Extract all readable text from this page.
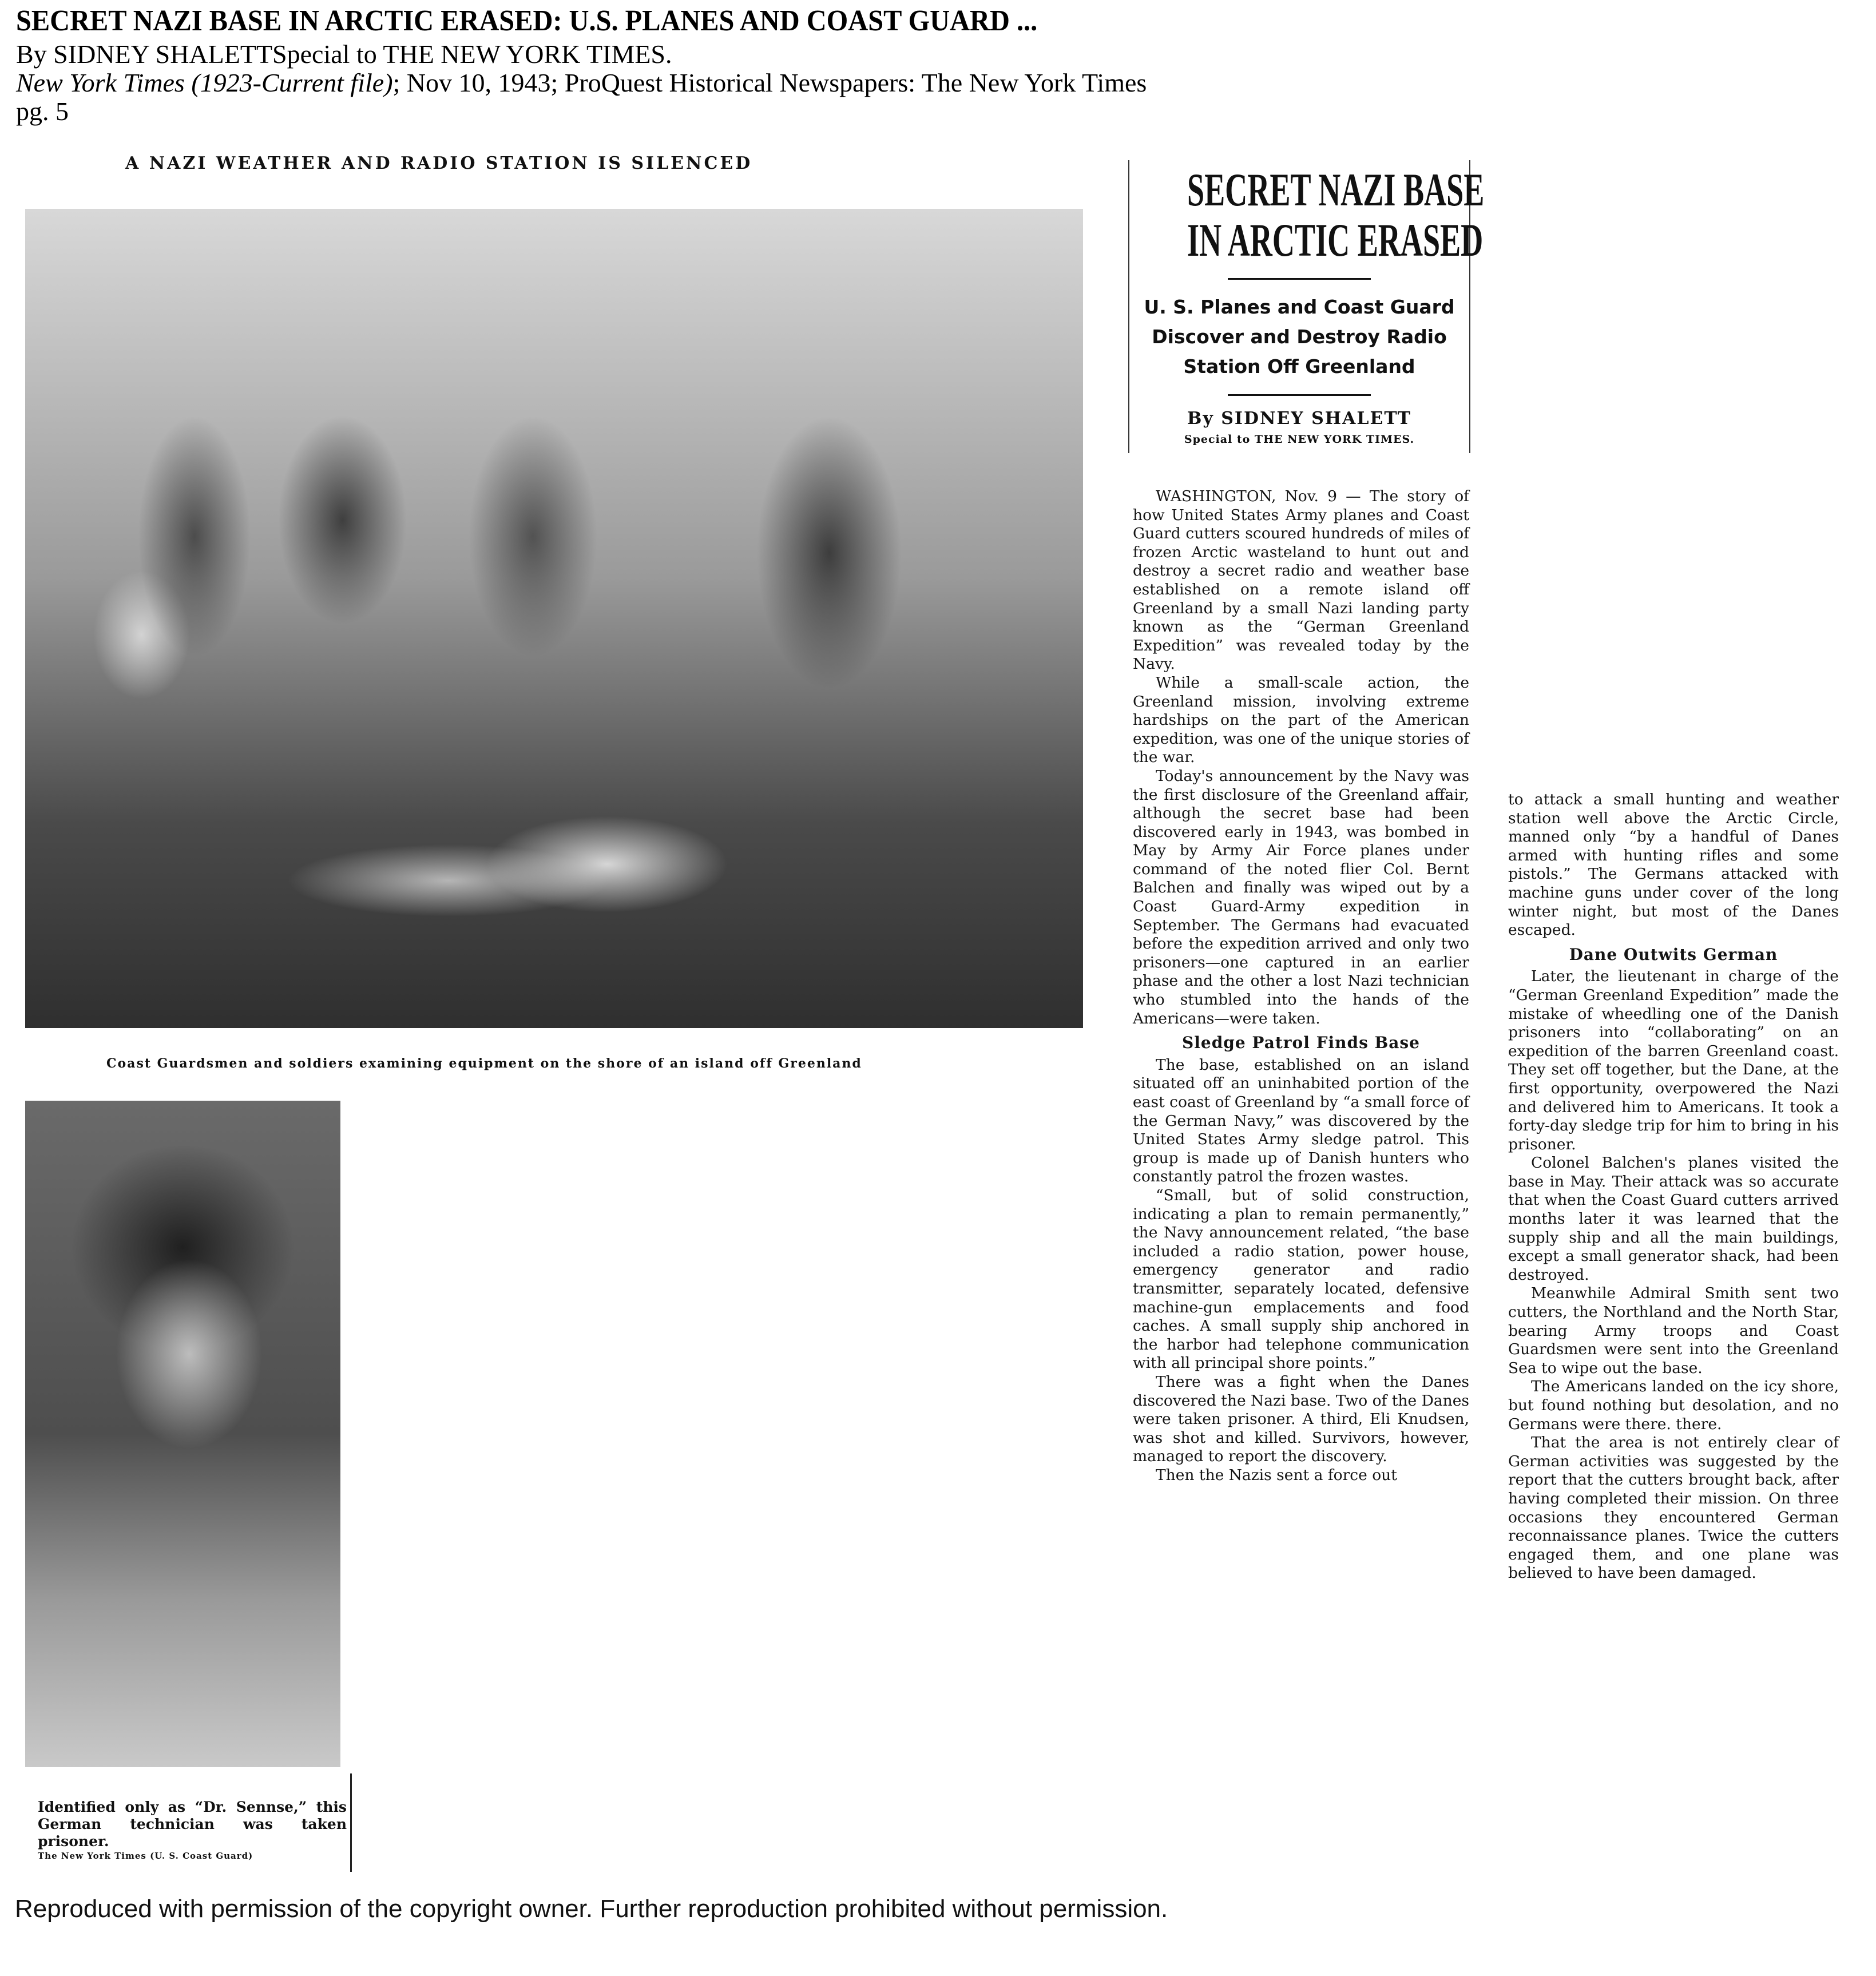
SECRET NAZI BASE IN ARCTIC ERASED: U.S. PLANES AND COAST GUARD ...
By SIDNEY SHALETTSpecial to THE NEW YORK TIMES.
New York Times (1923-Current file); Nov 10, 1943; ProQuest Historical Newspapers: The New York Times
pg. 5
A NAZI WEATHER AND RADIO STATION IS SILENCED
Coast Guardsmen and soldiers examining equipment on the shore of an island off Greenland
Identified only as “Dr. Sennse,” this German technician was taken prisoner.
The New York Times (U. S. Coast Guard)
SECRET NAZI BASE
IN ARCTIC ERASED
U. S. Planes and Coast Guard
Discover and Destroy Radio
Station Off Greenland
By SIDNEY SHALETT
Special to THE NEW YORK TIMES.

WASHINGTON, Nov. 9 — The story of how United States Army planes and Coast Guard cutters scoured hundreds of miles of frozen Arctic wasteland to hunt out and destroy a secret radio and weather base established on a remote island off Greenland by a small Nazi landing party known as the “German Greenland Expedition” was revealed today by the Navy.

While a small-scale action, the Greenland mission, involving extreme hardships on the part of the American expedition, was one of the unique stories of the war.

Today's announcement by the Navy was the first disclosure of the Greenland affair, although the secret base had been discovered early in 1943, was bombed in May by Army Air Force planes under command of the noted flier Col. Bernt Balchen and finally was wiped out by a Coast Guard-Army expedition in September. The Germans had evacuated before the expedition arrived and only two prisoners—one captured in an earlier phase and the other a lost Nazi technician who stumbled into the hands of the Americans—were taken.

Sledge Patrol Finds Base

The base, established on an island situated off an uninhabited portion of the east coast of Greenland by “a small force of the German Navy,” was discovered by the United States Army sledge patrol. This group is made up of Danish hunters who constantly patrol the frozen wastes.

“Small, but of solid construction, indicating a plan to remain permanently,” the Navy announcement related, “the base included a radio station, power house, emergency generator and radio transmitter, separately located, defensive machine-gun emplacements and food caches. A small supply ship anchored in the harbor had telephone communication with all principal shore points.”

There was a fight when the Danes discovered the Nazi base. Two of the Danes were taken prisoner. A third, Eli Knudsen, was shot and killed. Survivors, however, managed to report the discovery.

Then the Nazis sent a force out

to attack a small hunting and weather station well above the Arctic Circle, manned only “by a handful of Danes armed with hunting rifles and some pistols.” The Germans attacked with machine guns under cover of the long winter night, but most of the Danes escaped.

Dane Outwits German

Later, the lieutenant in charge of the “German Greenland Expedition” made the mistake of wheedling one of the Danish prisoners into “collaborating” on an expedition of the barren Greenland coast. They set off together, but the Dane, at the first opportunity, overpowered the Nazi and delivered him to Americans. It took a forty-day sledge trip for him to bring in his prisoner.

Colonel Balchen's planes visited the base in May. Their attack was so accurate that when the Coast Guard cutters arrived months later it was learned that the supply ship and all the main buildings, except a small generator shack, had been destroyed.

Meanwhile Admiral Smith sent two cutters, the Northland and the North Star, bearing Army troops and Coast Guardsmen were sent into the Greenland Sea to wipe out the base.

The Americans landed on the icy shore, but found nothing but desolation, and no Germans were there. there.

That the area is not entirely clear of German activities was suggested by the report that the cutters brought back, after having completed their mission. On three occasions they encountered German reconnaissance planes. Twice the cutters engaged them, and one plane was believed to have been damaged.

Reproduced with permission of the copyright owner. Further reproduction prohibited without permission.
